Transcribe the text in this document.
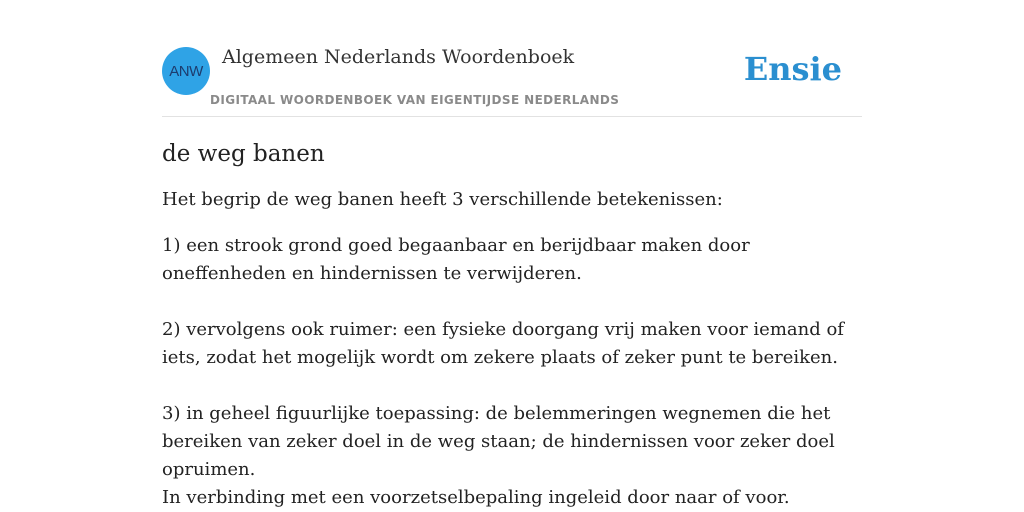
ANW
Algemeen Nederlands Woordenboek
DIGITAAL WOORDENBOEK VAN EIGENTIJDSE NEDERLANDS
Ensie
de weg banen

Het begrip de weg banen heeft 3 verschillende betekenissen:

1) een strook grond goed begaanbaar en berijdbaar maken door oneffenheden en hindernissen te verwijderen.

2) vervolgens ook ruimer: een fysieke doorgang vrij maken voor iemand of iets, zodat het mogelijk wordt om zekere plaats of zeker punt te bereiken.

3) in geheel figuurlijke toepassing: de belemmeringen wegnemen die het bereiken van zeker doel in de weg staan; de hindernissen voor zeker doel opruimen.

In verbinding met een voorzetselbepaling ingeleid door naar of voor.
